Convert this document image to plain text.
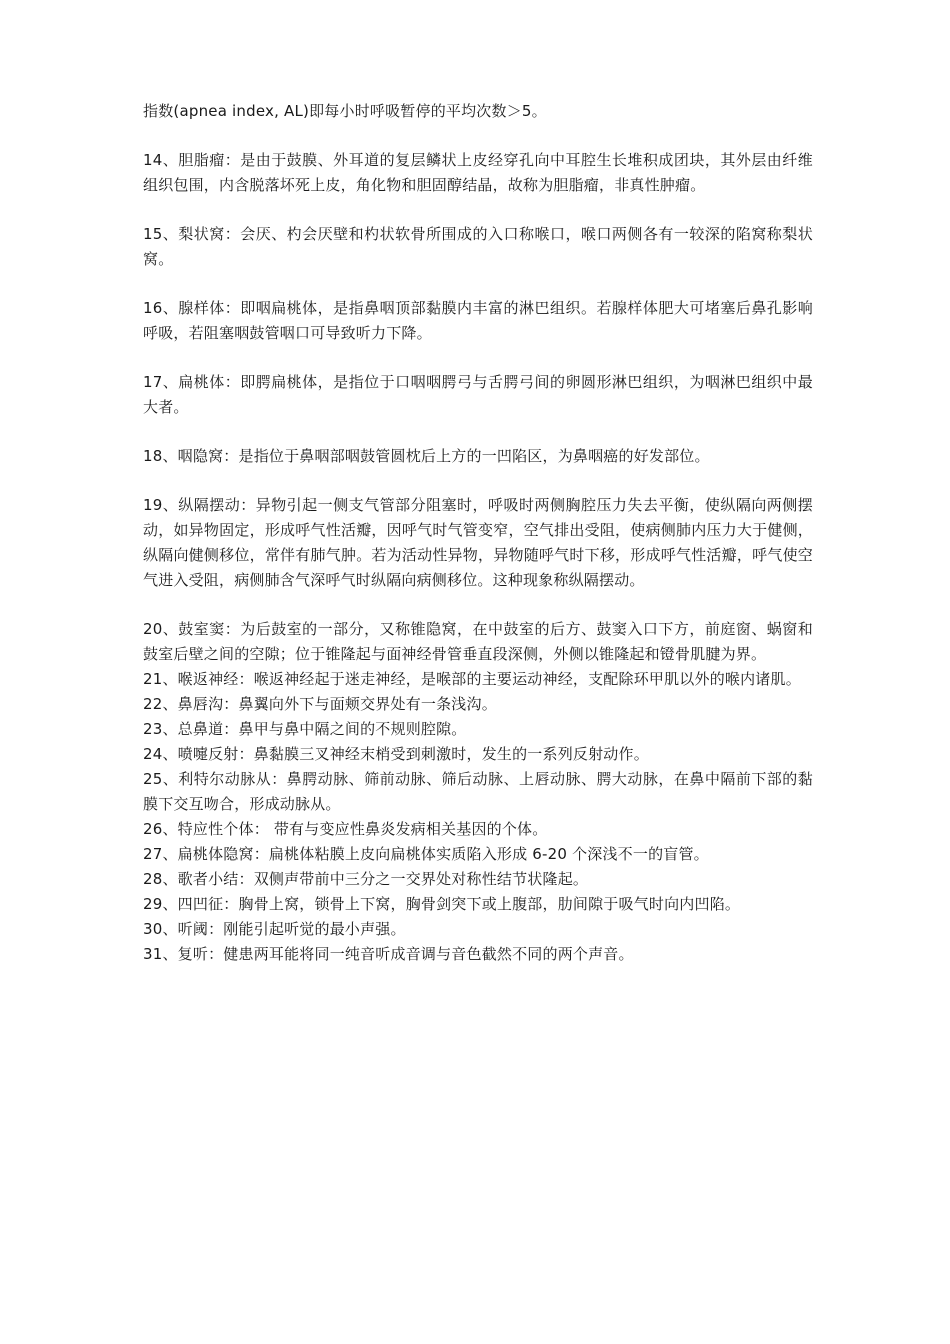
指数(apnea index, AL)即每小时呼吸暂停的平均次数＞5。

14、胆脂瘤：是由于鼓膜、外耳道的复层鳞状上皮经穿孔向中耳腔生长堆积成团块，其外层由纤维组织包围，内含脱落坏死上皮，角化物和胆固醇结晶，故称为胆脂瘤，非真性肿瘤。

15、梨状窝：会厌、杓会厌壁和杓状软骨所围成的入口称喉口，喉口两侧各有一较深的陷窝称梨状窝。

16、腺样体：即咽扁桃体，是指鼻咽顶部黏膜内丰富的淋巴组织。若腺样体肥大可堵塞后鼻孔影响呼吸，若阻塞咽鼓管咽口可导致听力下降。

17、扁桃体：即腭扁桃体，是指位于口咽咽腭弓与舌腭弓间的卵圆形淋巴组织，为咽淋巴组织中最大者。

18、咽隐窝：是指位于鼻咽部咽鼓管圆枕后上方的一凹陷区，为鼻咽癌的好发部位。

19、纵隔摆动：异物引起一侧支气管部分阻塞时，呼吸时两侧胸腔压力失去平衡，使纵隔向两侧摆动，如异物固定，形成呼气性活瓣，因呼气时气管变窄，空气排出受阻，使病侧肺内压力大于健侧，纵隔向健侧移位，常伴有肺气肿。若为活动性异物，异物随呼气时下移，形成呼气性活瓣，呼气使空气进入受阻，病侧肺含气深呼气时纵隔向病侧移位。这种现象称纵隔摆动。

20、鼓室窦：为后鼓室的一部分，又称锥隐窝，在中鼓室的后方、鼓窦入口下方，前庭窗、蜗窗和鼓室后壁之间的空隙；位于锥隆起与面神经骨管垂直段深侧，外侧以锥隆起和镫骨肌腱为界。

21、喉返神经：喉返神经起于迷走神经，是喉部的主要运动神经，支配除环甲肌以外的喉内诸肌。

22、鼻唇沟：鼻翼向外下与面颊交界处有一条浅沟。

23、总鼻道：鼻甲与鼻中隔之间的不规则腔隙。

24、喷嚏反射：鼻黏膜三叉神经末梢受到刺激时，发生的一系列反射动作。

25、利特尔动脉从：鼻腭动脉、筛前动脉、筛后动脉、上唇动脉、腭大动脉，在鼻中隔前下部的黏膜下交互吻合，形成动脉从。

26、特应性个体： 带有与变应性鼻炎发病相关基因的个体。

27、扁桃体隐窝：扁桃体粘膜上皮向扁桃体实质陷入形成 6-20 个深浅不一的盲管。

28、歌者小结：双侧声带前中三分之一交界处对称性结节状隆起。

29、四凹征：胸骨上窝，锁骨上下窝，胸骨剑突下或上腹部，肋间隙于吸气时向内凹陷。

30、听阈：刚能引起听觉的最小声强。

31、复听：健患两耳能将同一纯音听成音调与音色截然不同的两个声音。
